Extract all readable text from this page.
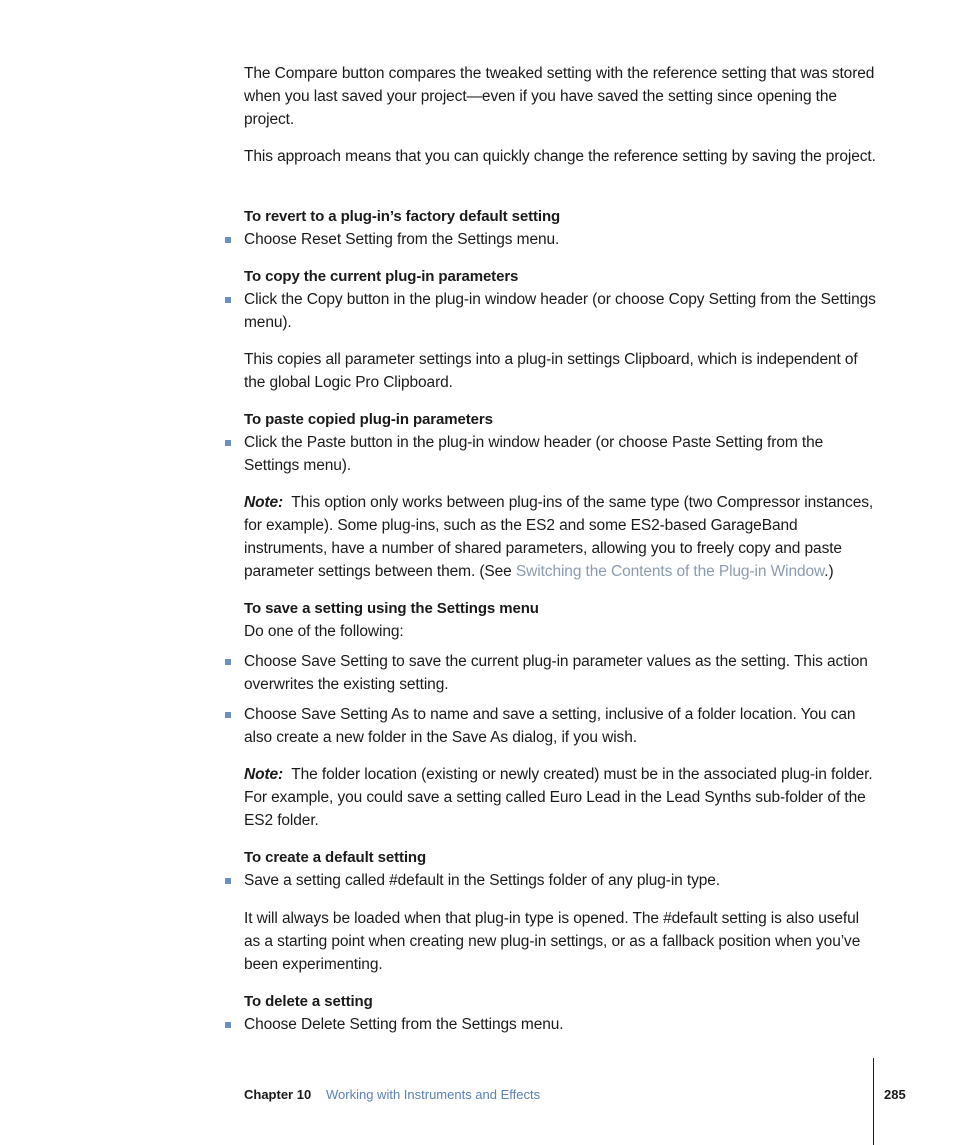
The Compare button compares the tweaked setting with the reference setting that was stored when you last saved your project—even if you have saved the setting since opening the project.

This approach means that you can quickly change the reference setting by saving the project.

To revert to a plug-in’s factory default setting

Choose Reset Setting from the Settings menu.

To copy the current plug-in parameters

Click the Copy button in the plug-in window header (or choose Copy Setting from the Settings menu).

This copies all parameter settings into a plug-in settings Clipboard, which is independent of the global Logic Pro Clipboard.

To paste copied plug-in parameters

Click the Paste button in the plug-in window header (or choose Paste Setting from the Settings menu).

Note: This option only works between plug-ins of the same type (two Compressor instances, for example). Some plug-ins, such as the ES2 and some ES2-based GarageBand instruments, have a number of shared parameters, allowing you to freely copy and paste parameter settings between them. (See Switching the Contents of the Plug-in Window.)

To save a setting using the Settings menu

Do one of the following:

Choose Save Setting to save the current plug-in parameter values as the setting. This action overwrites the existing setting.

Choose Save Setting As to name and save a setting, inclusive of a folder location. You can also create a new folder in the Save As dialog, if you wish.

Note: The folder location (existing or newly created) must be in the associated plug-in folder. For example, you could save a setting called Euro Lead in the Lead Synths sub-folder of the ES2 folder.

To create a default setting

Save a setting called #default in the Settings folder of any plug-in type.

It will always be loaded when that plug-in type is opened. The #default setting is also useful as a starting point when creating new plug-in settings, or as a fallback position when you’ve been experimenting.

To delete a setting

Choose Delete Setting from the Settings menu.

Chapter 10 Working with Instruments and Effects	285
